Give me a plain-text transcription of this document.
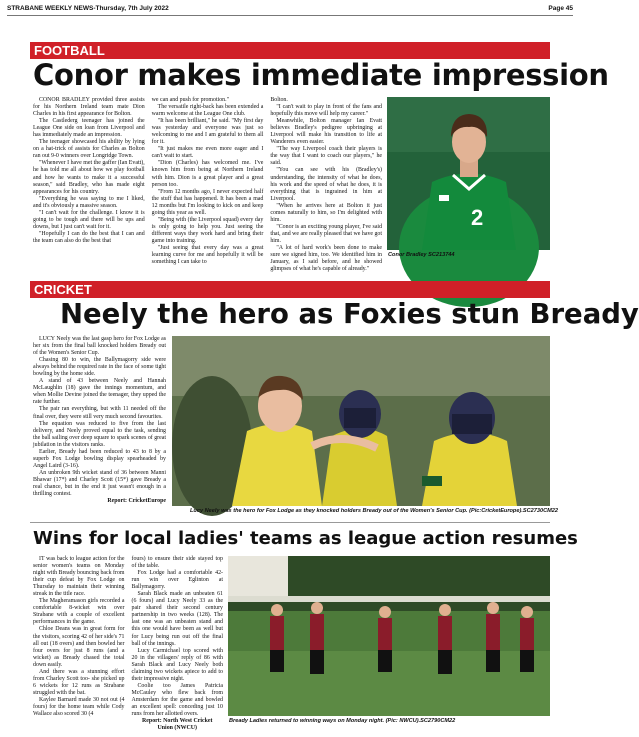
STRABANE WEEKLY NEWS-Thursday, 7th July 2022	Page 45
FOOTBALL
Conor makes immediate impression

CONOR BRADLEY provided three assists for his Northern Ireland team mate Dion Charles in his first appearance for Bolton.

The Castlederg teenager has joined the League One side on loan from Liverpool and has immediately made an impression.

The teenager showcased his ability by lying on a hat-trick of assists for Charles as Bolton ran out 9-0 winners over Longridge Town.

"Whenever I have met the gaffer (Ian Evatt), he has told me all about how we play football and how he wants to make it a successful season," said Bradley, who has made eight appearances for his country.

"Everything he was saying to me I liked, and it's obviously a massive season.

"I can't wait for the challenge. I know it is going to be tough and there will be ups and downs, but I just can't wait for it.

"Hopefully I can do the best that I can and the team can also do the best that

we can and push for promotion."

The versatile right-back has been extended a warm welcome at the League One club.

"It has been brilliant," he said. "My first day was yesterday and everyone was just so welcoming to me and I am grateful to them all for it.

"It just makes me even more eager and I can't wait to start.

"Dion (Charles) has welcomed me. I've known him from being at Northern Ireland with him. Dion is a great player and a great person too.

"From 12 months ago, I never expected half the stuff that has happened. It has been a mad 12 months but I'm looking to kick on and keep going this year as well.

"Being with (the Liverpool squad) every day is only going to help you. Just seeing the different ways they work hard and bring their game into training.

"Just seeing that every day was a great learning curve for me and hopefully it will be something I can take to

Bolton.

"I can't wait to play in front of the fans and hopefully this move will help my career."

Meanwhile, Bolton manager Ian Evatt believes Bradley's pedigree upbringing at Liverpool will make his transition to life at Wanderers even easier.

"The way Liverpool coach their players is the way that I want to coach our players," he said.

"You can see with his (Bradley's) understanding, the intensity of what he does, his work and the speed of what he does, it is everything that is ingrained in him at Liverpool.

"When he arrives here at Bolton it just comes naturally to him, so I'm delighted with him.

"Conor is an exciting young player, I've said that, and we are really pleased that we have got him.

"A lot of hard work's been done to make sure we signed him, too. We identified him in January, as I said before, and he showed glimpses of what he's capable of already."

2
Conor Bradley SC213744
CRICKET
Neely the hero as Foxies stun Bready

LUCY Neely was the last gasp hero for Fox Lodge as her six from the final ball knocked holders Bready out of the Women's Senior Cup.

Chasing 80 to win, the Ballymagorry side were always behind the required rate in the face of some tight bowling by the home side.

A stand of 43 between Neely and Hannah McLaughlin (18) gave the innings momentum, and when Mollie Devine joined the teenager, they upped the rate further.

The pair ran everything, but with 11 needed off the final over, they were still very much second favourites.

The equation was reduced to five from the last delivery, and Neely proved equal to the task, sending the ball sailing over deep square to spark scenes of great jubilation in the visitors ranks.

Earlier, Bready had been reduced to 43 to 8 by a superb Fox Lodge bowling display spearheaded by Angel Laird (3-16).

An unbroken 9th wicket stand of 36 between Manni Bhawar (17*) and Charley Scott (15*) gave Bready a real chance, but in the end it just wasn't enough in a thrilling contest.

Report: CricketEurope

Lucy Neely was the hero for Fox Lodge as they knocked holders Bready out of the Women's Senior Cup. (Pic:CricketEurope).SC2730CM22
Wins for local ladies' teams as league action resumes

IT was back to league action for the senior women's teams on Monday night with Bready bouncing back from their cup defeat by Fox Lodge on Thursday to maintain their winning streak in the title race.

The Magheramason girls recorded a comfortable 8-wicket win over Strabane with a couple of excellent performances in the game.

Chloe Deans was in great form for the visitors, scoring 42 of her side's 71 all out (18 overs) and then bowled her four overs for just 8 runs (and a wicket) as Bready chased the total down easily.

And there was a stunning effort from Charley Scott too- she picked up 6 wickets for 12 runs as Strabane struggled with the bat.

Kaylee Barnard made 30 not out (4 fours) for the home team while Cody Wallace also scored 30 (4

fours) to ensure their side stayed top of the table.

Fox Lodge had a comfortable 42-run win over Eglinton at Ballymagorry.

Sarah Black made an unbeaten 61 (6 fours) and Lucy Neely 33 as the pair shared their second century partnership in two weeks (128). The last one was an unbeaten stand and this one would have been as well but for Lucy being run out off the final ball of the innings.

Lucy Carmichael top scored with 20 in the villagers' reply of 86 with Sarah Black and Lucy Neely both claiming two wickets apiece to add to their impressive night.

Coolie too James Patricia McCauley who flew back from Amsterdam for the game and bowled an excellent spell: conceding just 10 runs from her allotted overs.

Report: North West Cricket

Union (NWCU)

Bready Ladies returned to winning ways on Monday night. (Pic: NWCU).SC2790CM22
